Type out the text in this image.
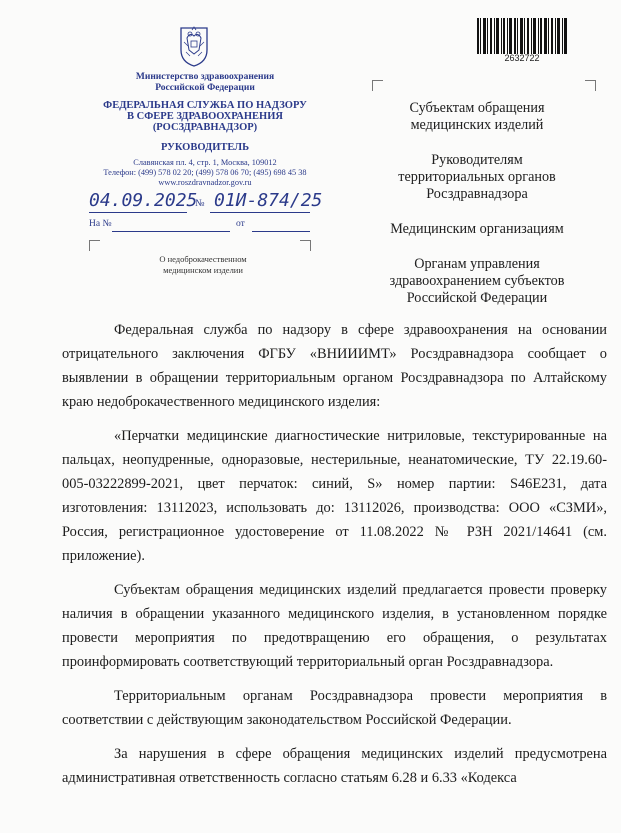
2632722
Министерство здравоохранения
Российской Федерации
ФЕДЕРАЛЬНАЯ СЛУЖБА ПО НАДЗОРУ
В СФЕРЕ ЗДРАВООХРАНЕНИЯ
(РОСЗДРАВНАДЗОР)
РУКОВОДИТЕЛЬ
Славянская пл. 4, стр. 1, Москва, 109012
Телефон: (499) 578 02 20; (499) 578 06 70; (495) 698 45 38
www.roszdravnadzor.gov.ru
04.09.2025
№ 01И-874/25
На №	от
О недоброкачественном
медицинском изделии

Субъектам обращения
медицинских изделий

Руководителям
территориальных органов
Росздравнадзора

Медицинским организациям

Органам управления
здравоохранением субъектов
Российской Федерации

Федеральная служба по надзору в сфере здравоохранения на основании отрицательного заключения ФГБУ «ВНИИИМТ» Росздравнадзора сообщает о выявлении в обращении территориальным органом Росздравнадзора по Алтайскому краю недоброкачественного медицинского изделия:

«Перчатки медицинские диагностические нитриловые, текстурированные на пальцах, неопудренные, одноразовые, нестерильные, неанатомические, ТУ 22.19.60-005-03222899-2021, цвет перчаток: синий, S» номер партии: S46E231, дата изготовления: 13112023, использовать до: 13112026, производства: ООО «СЗМИ», Россия, регистрационное удостоверение от 11.08.2022 № РЗН 2021/14641 (см. приложение).

Субъектам обращения медицинских изделий предлагается провести проверку наличия в обращении указанного медицинского изделия, в установленном порядке провести мероприятия по предотвращению его обращения, о результатах проинформировать соответствующий территориальный орган Росздравнадзора.

Территориальным органам Росздравнадзора провести мероприятия в соответствии с действующим законодательством Российской Федерации.

За нарушения в сфере обращения медицинских изделий предусмотрена административная ответственность согласно статьям 6.28 и 6.33 «Кодекса
